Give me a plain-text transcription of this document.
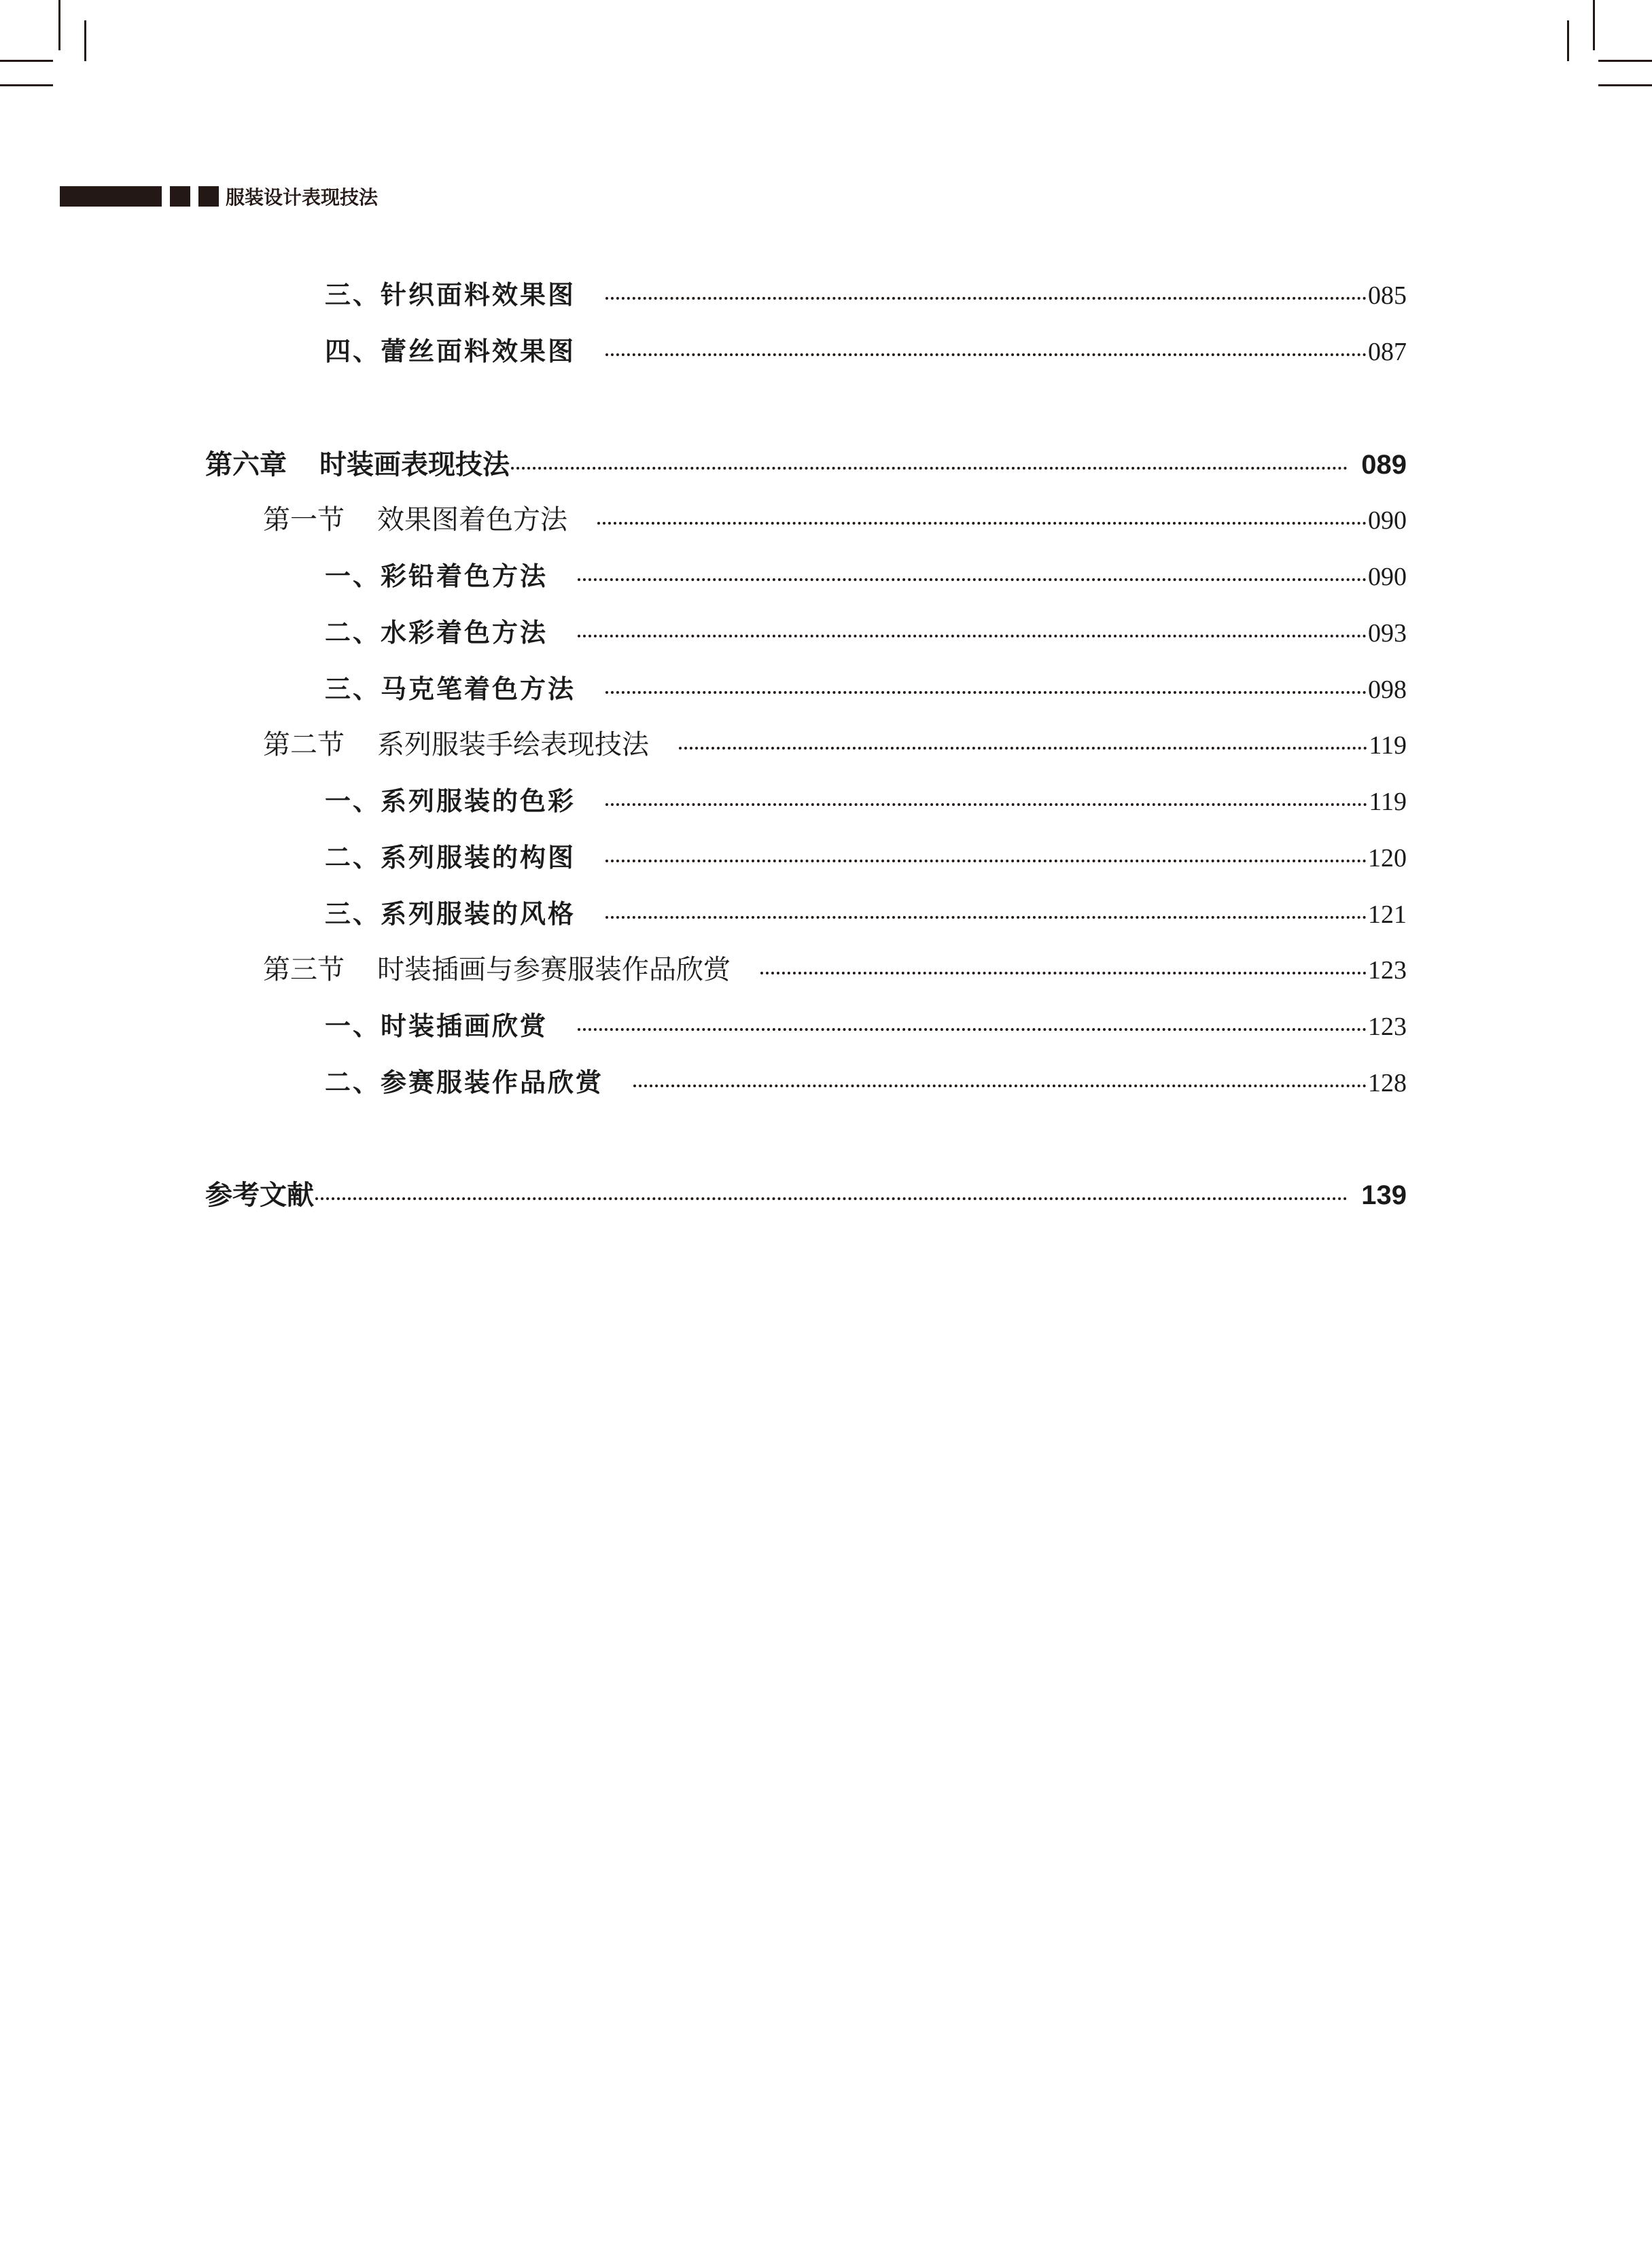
服装设计表现技法
三、针织面料效果图	085
四、蕾丝面料效果图	087
第六章 时装画表现技法	089
第一节 效果图着色方法	090
一、彩铅着色方法	090
二、水彩着色方法	093
三、马克笔着色方法	098
第二节 系列服装手绘表现技法	119
一、系列服装的色彩	119
二、系列服装的构图	120
三、系列服装的风格	121
第三节 时装插画与参赛服装作品欣赏	123
一、时装插画欣赏	123
二、参赛服装作品欣赏	128
参考文献	139
